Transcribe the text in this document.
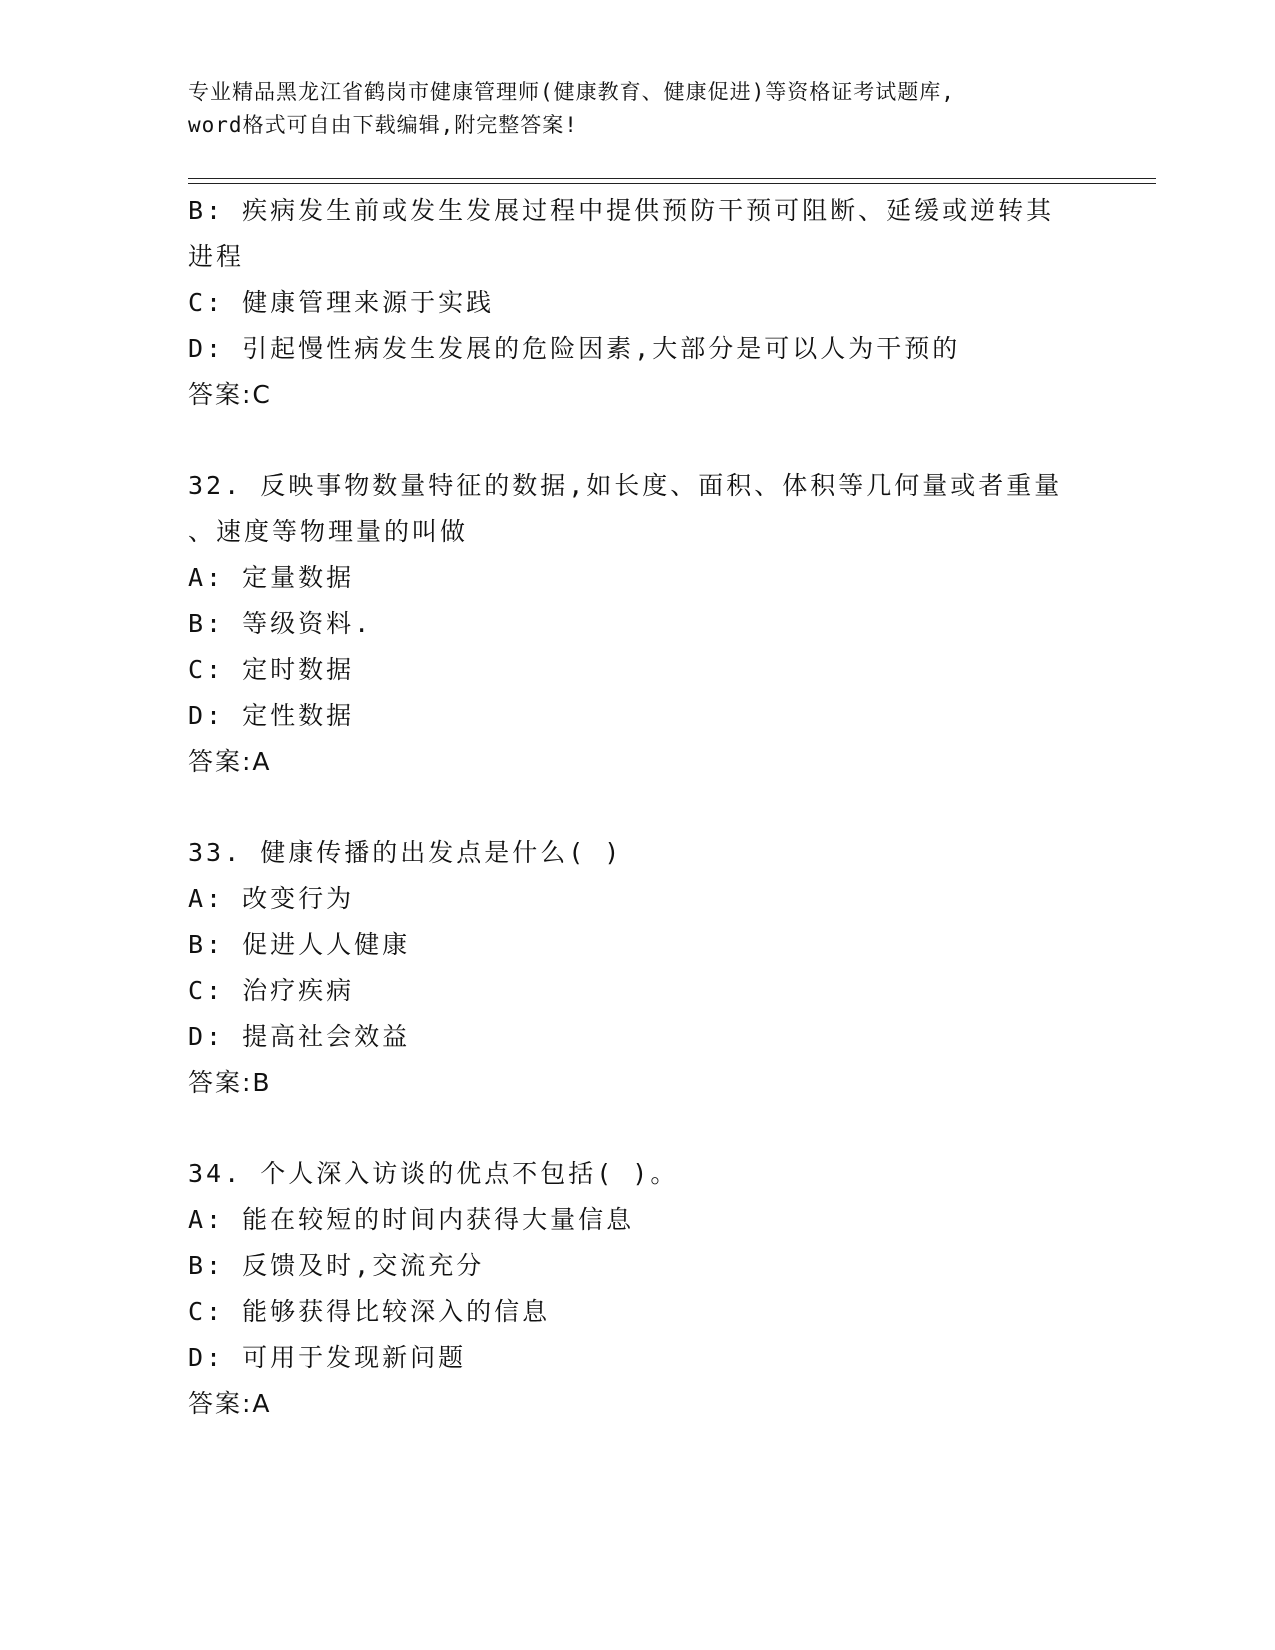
专业精品黑龙江省鹤岗市健康管理师(健康教育、健康促进)等资格证考试题库,
word格式可自由下载编辑,附完整答案!
B: 疾病发生前或发生发展过程中提供预防干预可阻断、延缓或逆转其
进程
C: 健康管理来源于实践
D: 引起慢性病发生发展的危险因素,大部分是可以人为干预的
答案:C
32. 反映事物数量特征的数据,如长度、面积、体积等几何量或者重量
、速度等物理量的叫做
A: 定量数据
B: 等级资料.
C: 定时数据
D: 定性数据
答案:A
33. 健康传播的出发点是什么( )
A: 改变行为
B: 促进人人健康
C: 治疗疾病
D: 提高社会效益
答案:B
34. 个人深入访谈的优点不包括( )。
A: 能在较短的时间内获得大量信息
B: 反馈及时,交流充分
C: 能够获得比较深入的信息
D: 可用于发现新问题
答案:A
